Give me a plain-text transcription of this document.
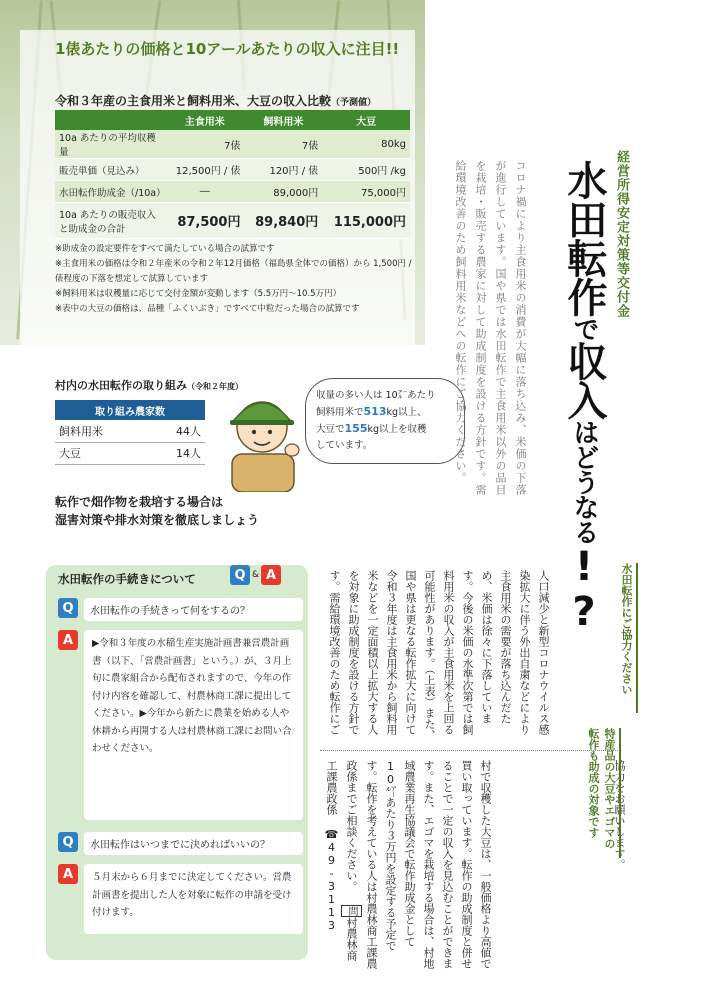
1俵あたりの価格と10アールあたりの収入に注目!!
令和３年産の主食用米と飼料用米、大豆の収入比較（予測値）
	主食用米	飼料用米	大豆
10a あたりの平均収穫量	7俵	7俵	80kg
販売単価（見込み）	12,500円 / 俵	120円 / 俵	500円 /kg
水田転作助成金（/10a）	―	89,000円	75,000円
10a あたりの販売収入と助成金の合計	87,500円	89,840円	115,000円
※助成金の設定要件をすべて満たしている場合の試算です
※主食用米の価格は令和２年産米の令和２年12月価格（福島県全体での価格）から 1,500円 / 俵程度の下落を想定して試算しています
※飼料用米は収穫量に応じて交付金額が変動します（5.5万円〜10.5万円）
※表中の大豆の価格は、品種「ふくいぶき」ですべて中粒だった場合の試算です
村内の水田転作の取り組み（令和２年度）
取り組み農家数	
飼料用米	44人
大豆	14人
収量の多い人は 10㌃あたり
飼料用米で513kg以上、
大豆で155kg以上を収穫
しています。
転作で畑作物を栽培する場合は
湿害対策や排水対策を徹底しましょう
水田転作の手続きについて	Q & A
Q	水田転作の手続きって何をするの？
A	▶令和３年度の水稲生産実施計画書兼営農計画書（以下、「営農計画書」という。）が、３月上旬に農家組合から配布されますので、今年の作付け内容を確認して、村農林商工課に提出してください。▶今年から新たに農業を始める人や休耕から再開する人は村農林商工課にお問い合わせください。
Q	水田転作はいつまでに決めればいいの？
A	５月末から６月までに決定してください。営農計画書を提出した人を対象に転作の申請を受け付けます。
経営所得安定対策等交付金
水田転作で収入はどうなる!?
コロナ禍により主食用米の消費が大幅に落ち込み、米価の下落が進行しています。国や県では水田転作で主食用米以外の品目を栽培・販売する農家に対して助成制度を設ける方針です。需給環境改善のため飼料用米などへの転作にご協力ください。
水田転作にご協力ください
人口減少と新型コロナウイルス感染拡大に伴う外出自粛などにより主食用米の需要が落ち込んだため、米価は徐々に下落しています。今後の米価の水準次第では飼料用米の収入が主食用米を上回る可能性があります。（上表）また、国や県は更なる転作拡大に向けて令和３年度は主食用米から飼料用米などを一定面積以上拡大する人を対象に助成制度を設ける方針です。需給環境改善のため転作にご
協力をお願いします。
特産品の大豆やエゴマの転作も助成の対象です
村で収穫した大豆は、一般価格より高値で買い取っています。転作の助成制度と併せることで一定の収入を見込むことができます。また、エゴマを栽培する場合は、村地域農業再生協議会で転作助成金として10㌃あたり３万円を設定する予定です。転作を考えている人は村農林商工課農政係までご相談ください。 問村農林商工課農政係 ☎49-3113
